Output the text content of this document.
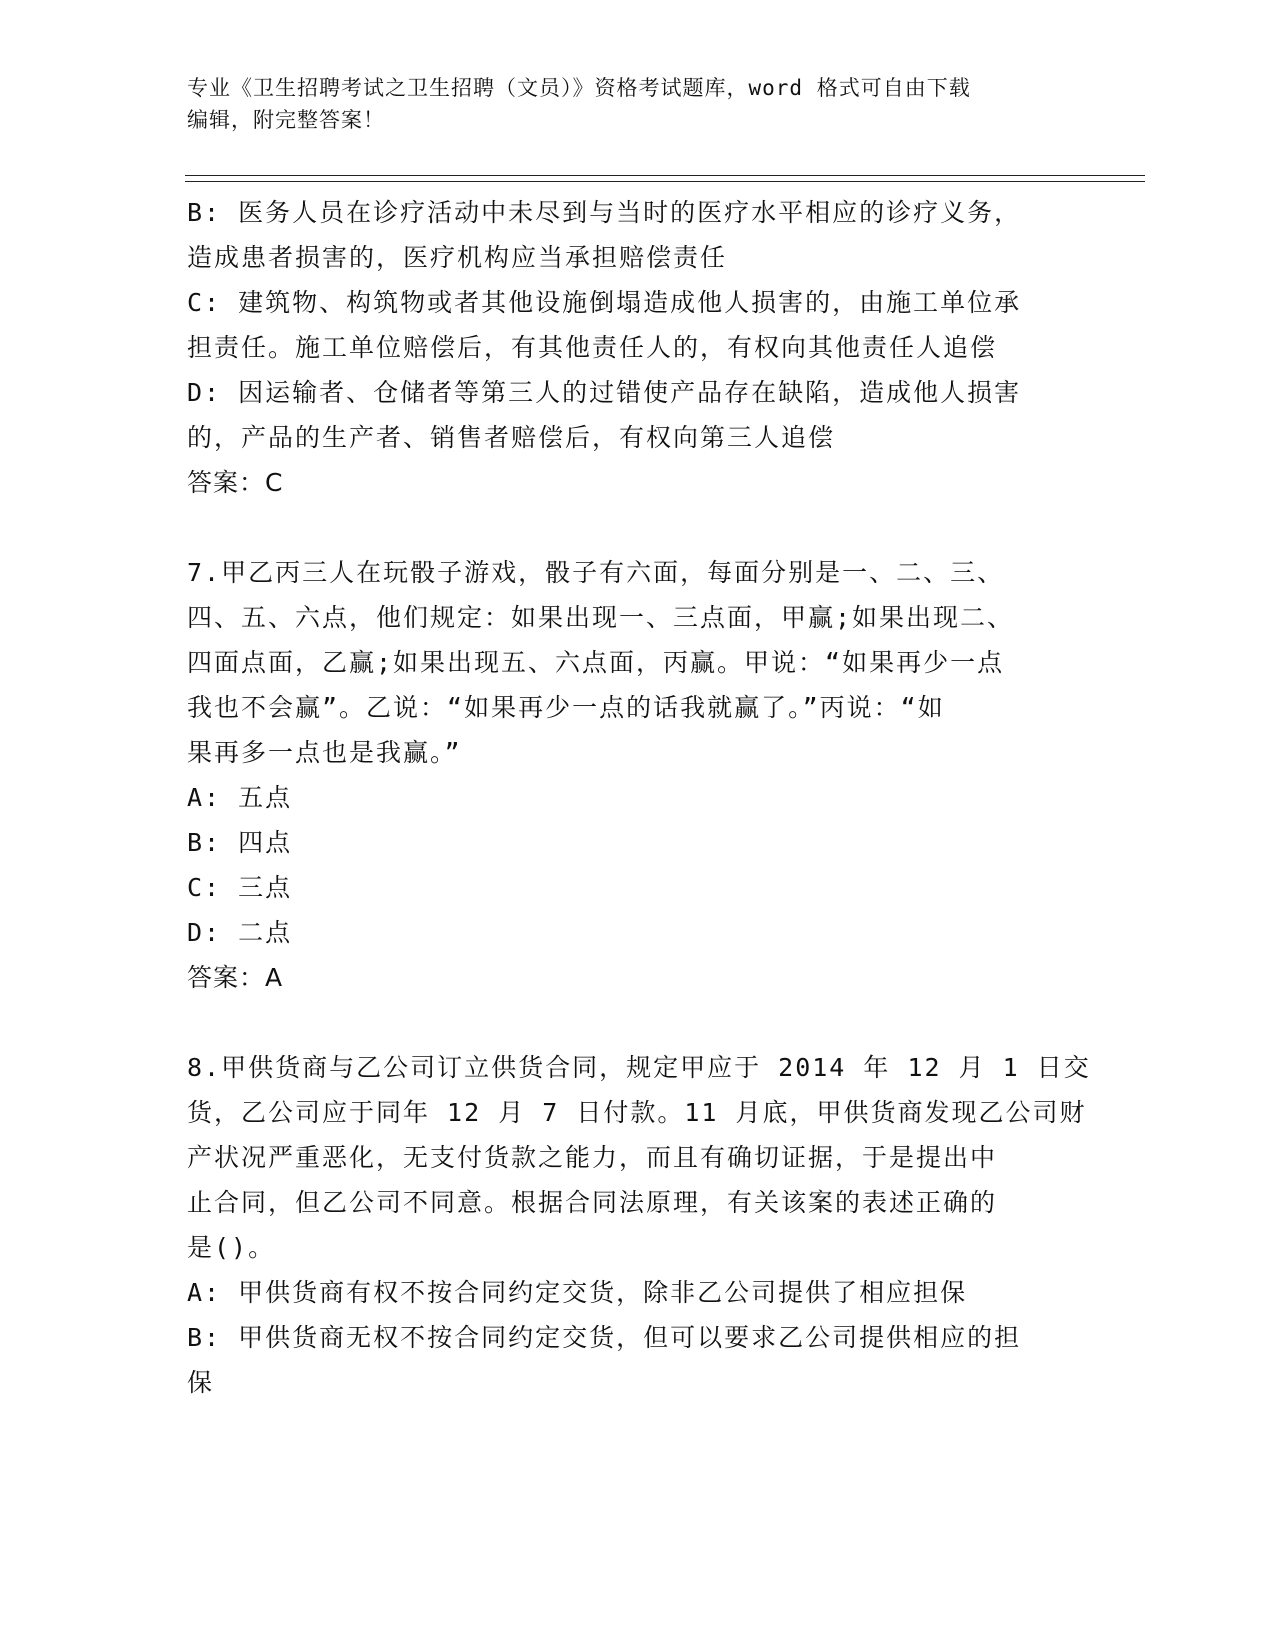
专业《卫生招聘考试之卫生招聘（文员）》资格考试题库，word 格式可自由下载
编辑，附完整答案！
B: 医务人员在诊疗活动中未尽到与当时的医疗水平相应的诊疗义务，
造成患者损害的，医疗机构应当承担赔偿责任
C: 建筑物、构筑物或者其他设施倒塌造成他人损害的，由施工单位承
担责任。施工单位赔偿后，有其他责任人的，有权向其他责任人追偿
D: 因运输者、仓储者等第三人的过错使产品存在缺陷，造成他人损害
的，产品的生产者、销售者赔偿后，有权向第三人追偿
答案：C
7.甲乙丙三人在玩骰子游戏，骰子有六面，每面分别是一、二、三、
四、五、六点，他们规定：如果出现一、三点面，甲赢;如果出现二、
四面点面，乙赢;如果出现五、六点面，丙赢。甲说：“如果再少一点
我也不会赢”。乙说：“如果再少一点的话我就赢了。”丙说：“如
果再多一点也是我赢。”
A: 五点
B: 四点
C: 三点
D: 二点
答案：A
8.甲供货商与乙公司订立供货合同，规定甲应于 2014 年 12 月 1 日交
货，乙公司应于同年 12 月 7 日付款。11 月底，甲供货商发现乙公司财
产状况严重恶化，无支付货款之能力，而且有确切证据，于是提出中
止合同，但乙公司不同意。根据合同法原理，有关该案的表述正确的
是()。
A: 甲供货商有权不按合同约定交货，除非乙公司提供了相应担保
B: 甲供货商无权不按合同约定交货，但可以要求乙公司提供相应的担
保
